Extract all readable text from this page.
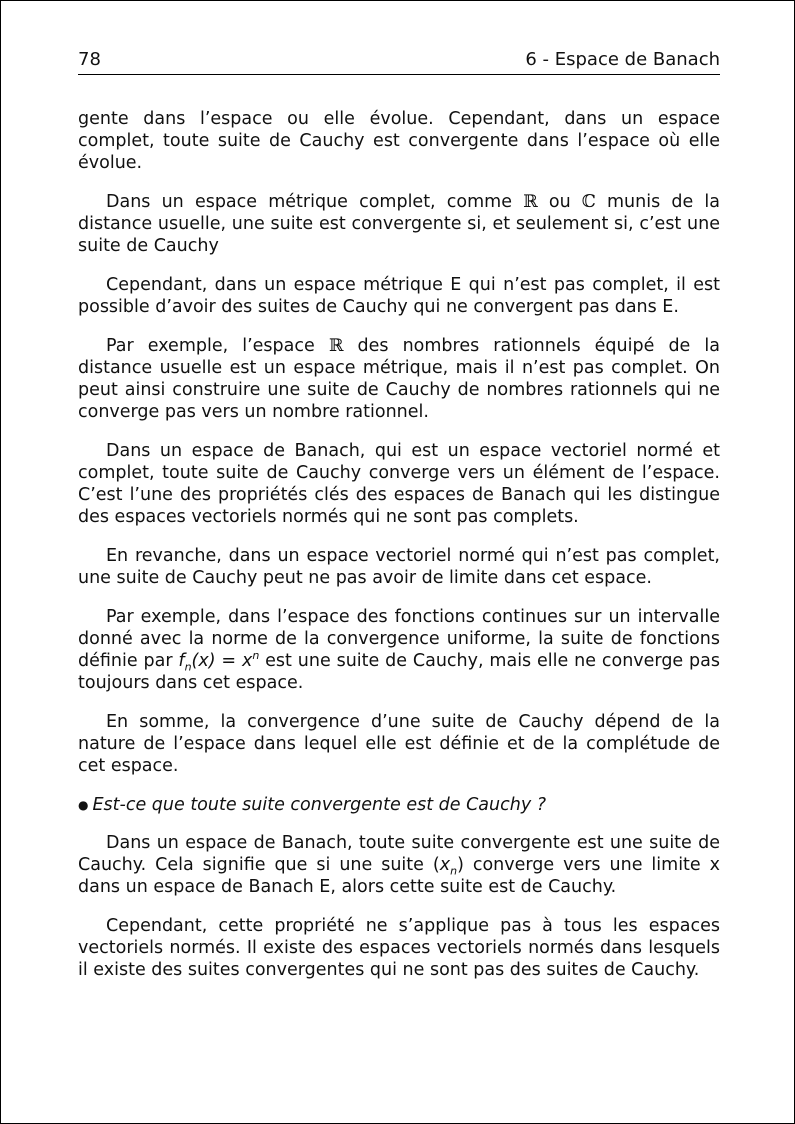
78	6 - Espace de Banach

gente dans l’espace ou elle évolue. Cependant, dans un espace complet, toute suite de Cauchy est convergente dans l’espace où elle évolue.

Dans un espace métrique complet, comme ℝ ou ℂ munis de la distance usuelle, une suite est convergente si, et seulement si, c’est une suite de Cauchy

Cependant, dans un espace métrique E qui n’est pas complet, il est possible d’avoir des suites de Cauchy qui ne convergent pas dans E.

Par exemple, l’espace ℝ des nombres rationnels équipé de la distance usuelle est un espace métrique, mais il n’est pas complet. On peut ainsi construire une suite de Cauchy de nombres rationnels qui ne converge pas vers un nombre rationnel.

Dans un espace de Banach, qui est un espace vectoriel normé et complet, toute suite de Cauchy converge vers un élément de l’espace. C’est l’une des propriétés clés des espaces de Banach qui les distingue des espaces vectoriels normés qui ne sont pas complets.

En revanche, dans un espace vectoriel normé qui n’est pas complet, une suite de Cauchy peut ne pas avoir de limite dans cet espace.

Par exemple, dans l’espace des fonctions continues sur un intervalle donné avec la norme de la convergence uniforme, la suite de fonctions définie par $f_n(x) = x^n$ est une suite de Cauchy, mais elle ne converge pas toujours dans cet espace.

En somme, la convergence d’une suite de Cauchy dépend de la nature de l’espace dans lequel elle est définie et de la complétude de cet espace.

● Est-ce que toute suite convergente est de Cauchy ?

Dans un espace de Banach, toute suite convergente est une suite de Cauchy. Cela signifie que si une suite $(x_n)$ converge vers une limite x dans un espace de Banach E, alors cette suite est de Cauchy.

Cependant, cette propriété ne s’applique pas à tous les espaces vectoriels normés. Il existe des espaces vectoriels normés dans lesquels il existe des suites convergentes qui ne sont pas des suites de Cauchy.
